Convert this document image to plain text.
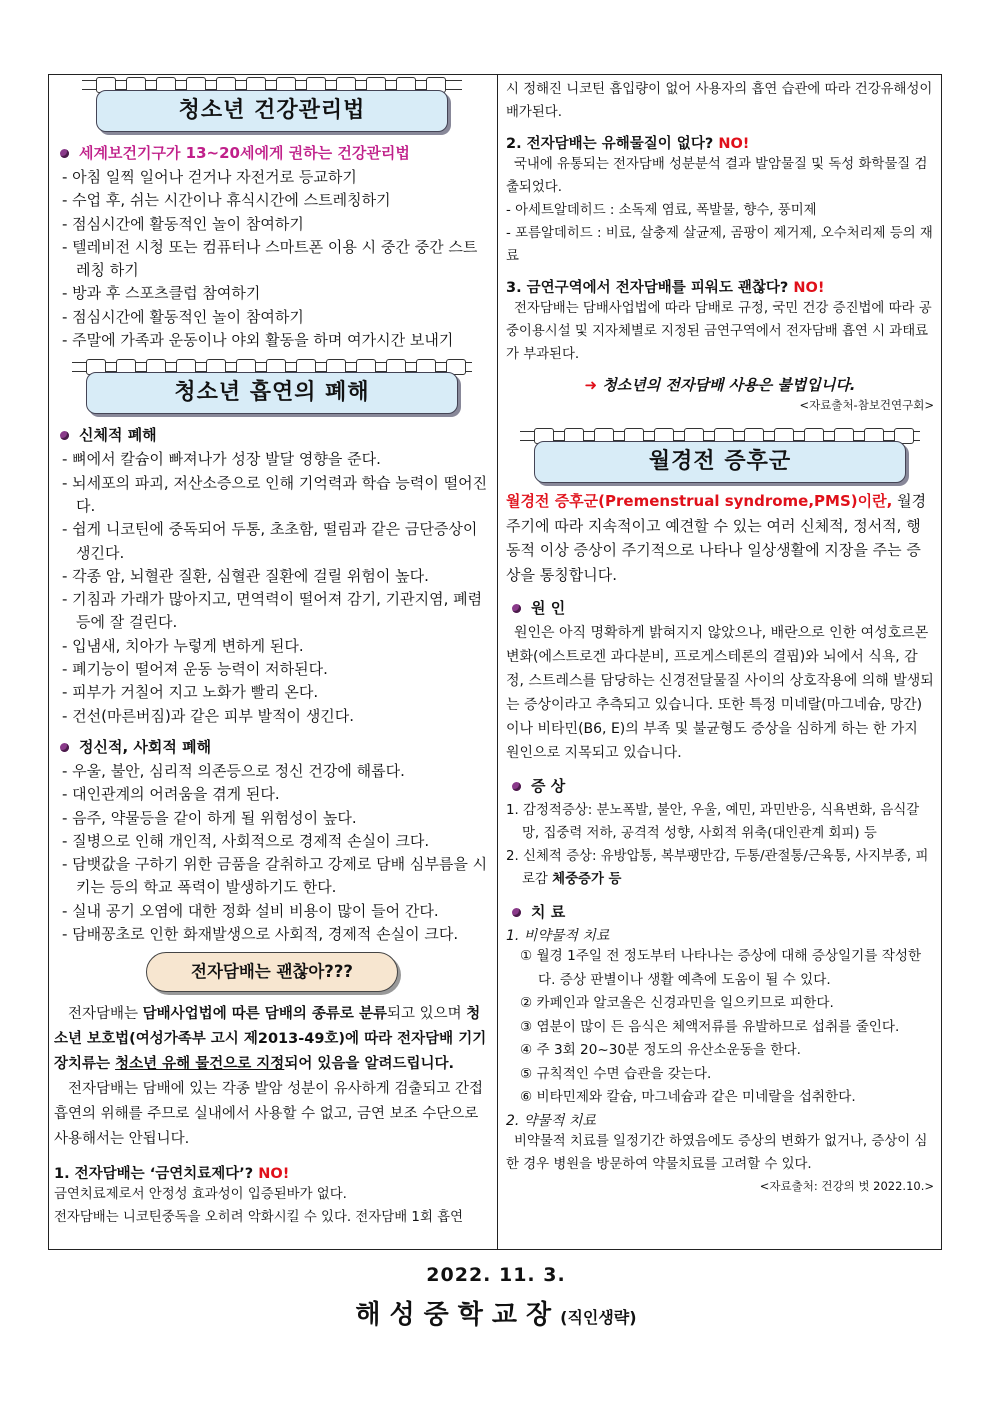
청소년 건강관리법
세계보건기구가 13~20세에게 권하는 건강관리법
- 아침 일찍 일어나 걷거나 자전거로 등교하기
- 수업 후, 쉬는 시간이나 휴식시간에 스트레칭하기
- 점심시간에 활동적인 놀이 참여하기
- 텔레비전 시청 또는 컴퓨터나 스마트폰 이용 시 중간 중간 스트레칭 하기
- 방과 후 스포츠클럽 참여하기
- 점심시간에 활동적인 놀이 참여하기
- 주말에 가족과 운동이나 야외 활동을 하며 여가시간 보내기
청소년 흡연의 폐해
신체적 폐해
- 뼈에서 칼슘이 빠져나가 성장 발달 영향을 준다.
- 뇌세포의 파괴, 저산소증으로 인해 기억력과 학습 능력이 떨어진다.
- 쉽게 니코틴에 중독되어 두통, 초초함, 떨림과 같은 금단증상이 생긴다.
- 각종 암, 뇌혈관 질환, 심혈관 질환에 걸릴 위험이 높다.
- 기침과 가래가 많아지고, 면역력이 떨어져 감기, 기관지염, 폐렴 등에 잘 걸린다.
- 입냄새, 치아가 누렇게 변하게 된다.
- 폐기능이 떨어져 운동 능력이 저하된다.
- 피부가 거칠어 지고 노화가 빨리 온다.
- 건선(마른버짐)과 같은 피부 발적이 생긴다.
정신적, 사회적 폐해
- 우울, 불안, 심리적 의존등으로 정신 건강에 해롭다.
- 대인관계의 어려움을 겪게 된다.
- 음주, 약물등을 같이 하게 될 위험성이 높다.
- 질병으로 인해 개인적, 사회적으로 경제적 손실이 크다.
- 담뱃값을 구하기 위한 금품을 갈취하고 강제로 담배 심부름을 시키는 등의 학교 폭력이 발생하기도 한다.
- 실내 공기 오염에 대한 정화 설비 비용이 많이 들어 간다.
- 담배꽁초로 인한 화재발생으로 사회적, 경제적 손실이 크다.
전자담배는 괜찮아???
전자담배는 담배사업법에 따른 담배의 종류로 분류되고 있으며 청소년 보호법(여성가족부 고시 제2013-49호)에 따라 전자담배 기기 장치류는 청소년 유해 물건으로 지정되어 있음을 알려드립니다.
전자담배는 담배에 있는 각종 발암 성분이 유사하게 검출되고 간접흡연의 위해를 주므로 실내에서 사용할 수 없고, 금연 보조 수단으로 사용해서는 안됩니다.
1. 전자담배는 ‘금연치료제다’? NO!
금연치료제로서 안정성 효과성이 입증된바가 없다.
전자담배는 니코틴중독을 오히려 악화시킬 수 있다. 전자담배 1회 흡연
시 정해진 니코틴 흡입량이 없어 사용자의 흡연 습관에 따라 건강유해성이 배가된다.
2. 전자담배는 유해물질이 없다? NO!
국내에 유통되는 전자담배 성분분석 결과 발암물질 및 독성 화학물질 검출되었다.
- 아세트알데히드 : 소독제 염료, 폭발물, 향수, 풍미제
- 포름알데히드 : 비료, 살충제 살균제, 곰팡이 제거제, 오수처리제 등의 재료
3. 금연구역에서 전자담배를 피워도 괜찮다? NO!
전자담배는 담배사업법에 따라 담배로 규정, 국민 건강 증진법에 따라 공중이용시설 및 지자체별로 지정된 금연구역에서 전자담배 흡연 시 과태료가 부과된다.
➜ 청소년의 전자담배 사용은 불법입니다.
<자료출처-참보건연구회>
월경전 증후군
월경전 증후군(Premenstrual syndrome,PMS)이란, 월경주기에 따라 지속적이고 예견할 수 있는 여러 신체적, 정서적, 행동적 이상 증상이 주기적으로 나타나 일상생활에 지장을 주는 증상을 통칭합니다.
원 인
원인은 아직 명확하게 밝혀지지 않았으나, 배란으로 인한 여성호르몬 변화(에스트로겐 과다분비, 프로게스테론의 결핍)와 뇌에서 식욕, 감정, 스트레스를 담당하는 신경전달물질 사이의 상호작용에 의해 발생되는 증상이라고 추측되고 있습니다. 또한 특정 미네랄(마그네슘, 망간)이나 비타민(B6, E)의 부족 및 불균형도 증상을 심하게 하는 한 가지 원인으로 지목되고 있습니다.
증 상
1. 감정적증상: 분노폭발, 불안, 우울, 예민, 과민반응, 식욕변화, 음식갈망, 집중력 저하, 공격적 성향, 사회적 위축(대인관계 회피) 등
2. 신체적 증상: 유방압통, 복부팽만감, 두통/관절통/근육통, 사지부종, 피로감 체중증가 등
치 료
1. 비약물적 치료
① 월경 1주일 전 정도부터 나타나는 증상에 대해 증상일기를 작성한다. 증상 판별이나 생활 예측에 도움이 될 수 있다.
② 카페인과 알코올은 신경과민을 일으키므로 피한다.
③ 염분이 많이 든 음식은 체액저류를 유발하므로 섭취를 줄인다.
④ 주 3회 20~30분 정도의 유산소운동을 한다.
⑤ 규칙적인 수면 습관을 갖는다.
⑥ 비타민제와 칼슘, 마그네슘과 같은 미네랄을 섭취한다.
2. 약물적 치료
비약물적 치료를 일정기간 하였음에도 증상의 변화가 없거나, 증상이 심한 경우 병원을 방문하여 약물치료를 고려할 수 있다.
<자료출처: 건강의 벗 2022.10.>
2022. 11. 3.
해성중학교장(직인생략)
